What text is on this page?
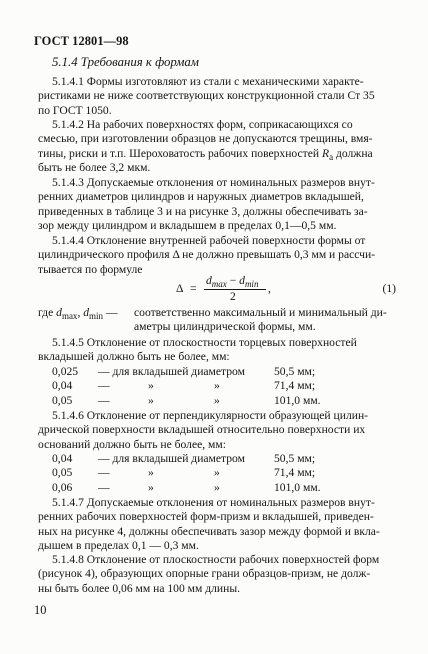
ГОСТ 12801—98
5.1.4 Требования к формам

5.1.4.1 Формы изготовляют из стали с механическими характе-

ристиками не ниже соответствующих конструкционной стали Ст 35

по ГОСТ 1050.

5.1.4.2 На рабочих поверхностях форм, соприкасающихся со

смесью, при изготовлении образцов не допускаются трещины, вмя-

тины, риски и т.п. Шероховатость рабочих поверхностей $R_a$ должна

быть не более 3,2 мкм.

5.1.4.3 Допускаемые отклонения от номинальных размеров внут-

ренних диаметров цилиндров и наружных диаметров вкладышей,

приведенных в таблице 3 и на рисунке 3, должны обеспечивать за-

зор между цилиндром и вкладышем в пределах 0,1—0,5 мм.

5.1.4.4 Отклонение внутренней рабочей поверхности формы от

цилиндрического профиля Δ не должно превышать 0,3 мм и рассчи-

тывается по формуле

Δ =
$d_{max} - d_{min}$
2
,	(1)
где $d_{max}$, $d_{min}$ — соответственно максимальный и минимальный ди-

аметры цилиндрической формы, мм.

5.1.4.5 Отклонение от плоскостности торцевых поверхностей

вкладышей должно быть не более, мм:

0,025 — для вкладышей диаметром	50,5 мм;
0,04 —	»	»	71,4 мм;
0,05 —	»	»	101,0 мм.

5.1.4.6 Отклонение от перпендикулярности образующей цилин-

дрической поверхности вкладышей относительно поверхности их

оснований должно быть не более, мм:

0,04 — для вкладышей диаметром	50,5 мм;
0,05 —	»	»	71,4 мм;
0,06 —	»	»	101,0 мм.

5.1.4.7 Допускаемые отклонения от номинальных размеров внут-

ренних рабочих поверхностей форм-призм и вкладышей, приведен-

ных на рисунке 4, должны обеспечивать зазор между формой и вкла-

дышем в пределах 0,1 — 0,3 мм.

10

5.1.4.8 Отклонение от плоскостности рабочих поверхностей форм

(рисунок 4), образующих опорные грани образцов-призм, не долж-

ны быть более 0,06 мм на 100 мм длины.
